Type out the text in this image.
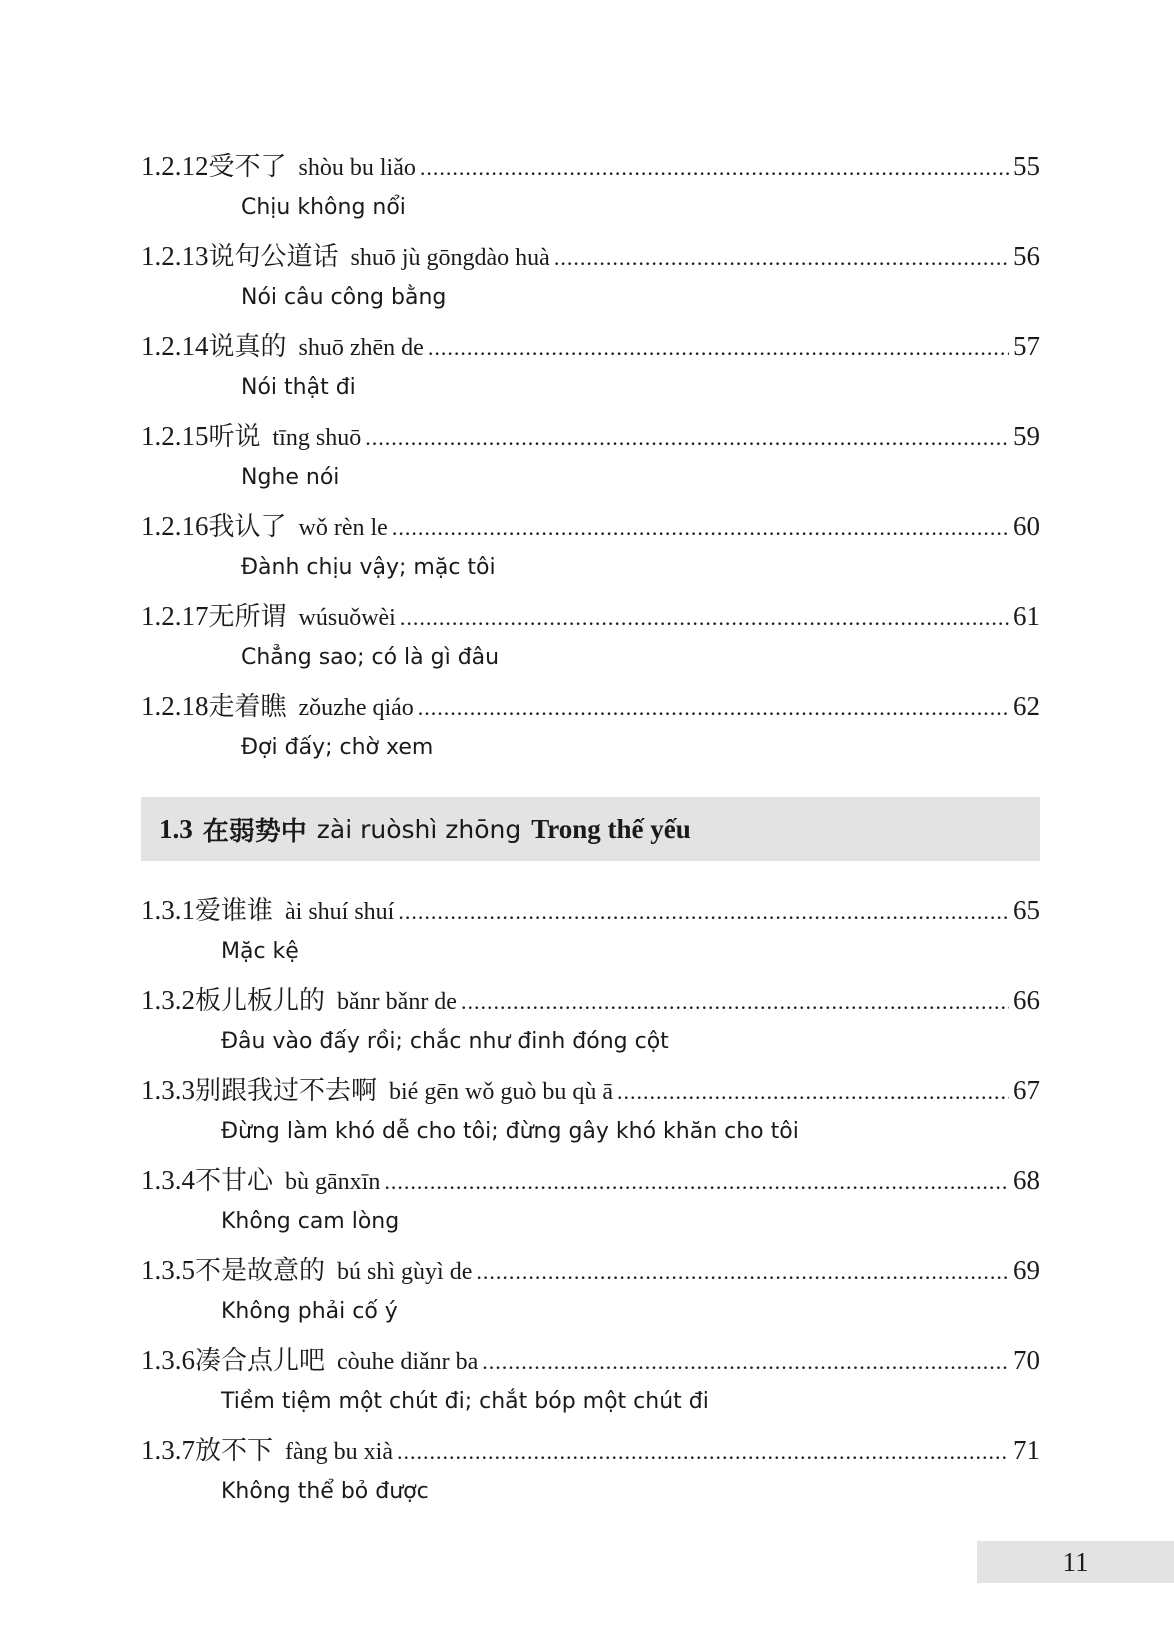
1.2.12 受不了 shòu bu liǎo .....	55
Chịu không nổi
1.2.13 说句公道话 shuō jù gōngdào huà .....	56
Nói câu công bằng
1.2.14 说真的 shuō zhēn de .....	57
Nói thật đi
1.2.15 听说 tīng shuō .....	59
Nghe nói
1.2.16 我认了 wǒ rèn le .....	60
Đành chịu vậy; mặc tôi
1.2.17 无所谓 wúsuǒwèi .....	61
Chẳng sao; có là gì đâu
1.2.18 走着瞧 zǒuzhe qiáo .....	62
Đợi đấy; chờ xem
1.3 在弱势中 zài ruòshì zhōng Trong thế yếu
1.3.1 爱谁谁 ài shuí shuí .....	65
Mặc kệ
1.3.2 板儿板儿的 bǎnr bǎnr de .....	66
Đâu vào đấy rồi; chắc như đinh đóng cột
1.3.3 别跟我过不去啊 bié gēn wǒ guò bu qù ā .....	67
Đừng làm khó dễ cho tôi; đừng gây khó khăn cho tôi
1.3.4 不甘心 bù gānxīn .....	68
Không cam lòng
1.3.5 不是故意的 bú shì gùyì de .....	69
Không phải cố ý
1.3.6 凑合点儿吧 còuhe diǎnr ba .....	70
Tiềm tiệm một chút đi; chắt bóp một chút đi
1.3.7 放不下 fàng bu xià .....	71
Không thể bỏ được
11
